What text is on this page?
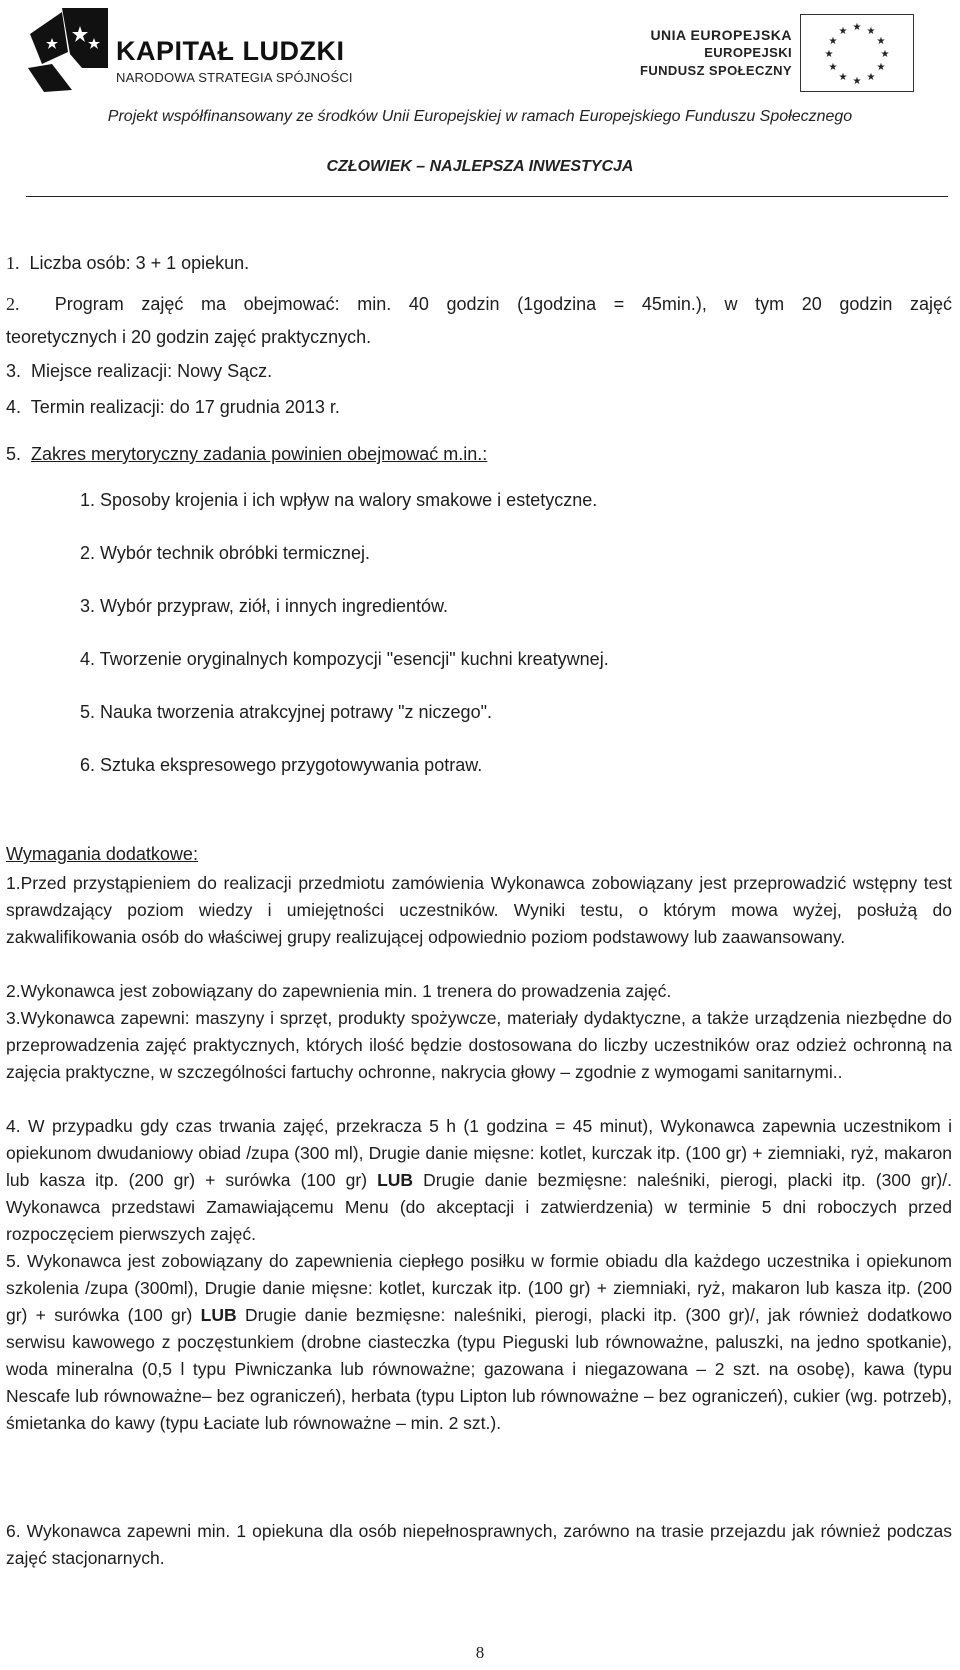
KAPITAŁ LUDZKI
NARODOWA STRATEGIA SPÓJNOŚCI
UNIA EUROPEJSKA
EUROPEJSKI
FUNDUSZ SPOŁECZNY
★ ★
★
★
★
★
★
★
★
★
★
★
Projekt współfinansowany ze środków Unii Europejskiej w ramach Europejskiego Funduszu Społecznego
CZŁOWIEK – NAJLEPSZA INWESTYCJA
1. Liczba osób: 3 + 1 opiekun.
2. Program zajęć ma obejmować: min. 40 godzin (1godzina = 45min.), w tym 20 godzin zajęć
teoretycznych i 20 godzin zajęć praktycznych.
3. Miejsce realizacji: Nowy Sącz.
4. Termin realizacji: do 17 grudnia 2013 r.
5. Zakres merytoryczny zadania powinien obejmować m.in.:
1. Sposoby krojenia i ich wpływ na walory smakowe i estetyczne.
2. Wybór technik obróbki termicznej.
3. Wybór przypraw, ziół, i innych ingredientów.
4. Tworzenie oryginalnych kompozycji "esencji" kuchni kreatywnej.
5. Nauka tworzenia atrakcyjnej potrawy "z niczego".
6. Sztuka ekspresowego przygotowywania potraw.
Wymagania dodatkowe:
1.Przed przystąpieniem do realizacji przedmiotu zamówienia Wykonawca zobowiązany jest przeprowadzić wstępny test sprawdzający poziom wiedzy i umiejętności uczestników. Wyniki testu, o którym mowa wyżej, posłużą do zakwalifikowania osób do właściwej grupy realizującej odpowiednio poziom podstawowy lub zaawansowany.
2.Wykonawca jest zobowiązany do zapewnienia min. 1 trenera do prowadzenia zajęć.
3.Wykonawca zapewni: maszyny i sprzęt, produkty spożywcze, materiały dydaktyczne, a także urządzenia niezbędne do przeprowadzenia zajęć praktycznych, których ilość będzie dostosowana do liczby uczestników oraz odzież ochronną na zajęcia praktyczne, w szczególności fartuchy ochronne, nakrycia głowy – zgodnie z wymogami sanitarnymi..
4. W przypadku gdy czas trwania zajęć, przekracza 5 h (1 godzina = 45 minut), Wykonawca zapewnia uczestnikom i opiekunom dwudaniowy obiad /zupa (300 ml), Drugie danie mięsne: kotlet, kurczak itp. (100 gr) + ziemniaki, ryż, makaron lub kasza itp. (200 gr) + surówka (100 gr) LUB Drugie danie bezmięsne: naleśniki, pierogi, placki itp. (300 gr)/. Wykonawca przedstawi Zamawiającemu Menu (do akceptacji i zatwierdzenia) w terminie 5 dni roboczych przed rozpoczęciem pierwszych zajęć.
5. Wykonawca jest zobowiązany do zapewnienia ciepłego posiłku w formie obiadu dla każdego uczestnika i opiekunom szkolenia /zupa (300ml), Drugie danie mięsne: kotlet, kurczak itp. (100 gr) + ziemniaki, ryż, makaron lub kasza itp. (200 gr) + surówka (100 gr) LUB Drugie danie bezmięsne: naleśniki, pierogi, placki itp. (300 gr)/, jak również dodatkowo serwisu kawowego z poczęstunkiem (drobne ciasteczka (typu Pieguski lub równoważne, paluszki, na jedno spotkanie), woda mineralna (0,5 l typu Piwniczanka lub równoważne; gazowana i niegazowana – 2 szt. na osobę), kawa (typu Nescafe lub równoważne– bez ograniczeń), herbata (typu Lipton lub równoważne – bez ograniczeń), cukier (wg. potrzeb), śmietanka do kawy (typu Łaciate lub równoważne – min. 2 szt.).
6. Wykonawca zapewni min. 1 opiekuna dla osób niepełnosprawnych, zarówno na trasie przejazdu jak również podczas zajęć stacjonarnych.
8
